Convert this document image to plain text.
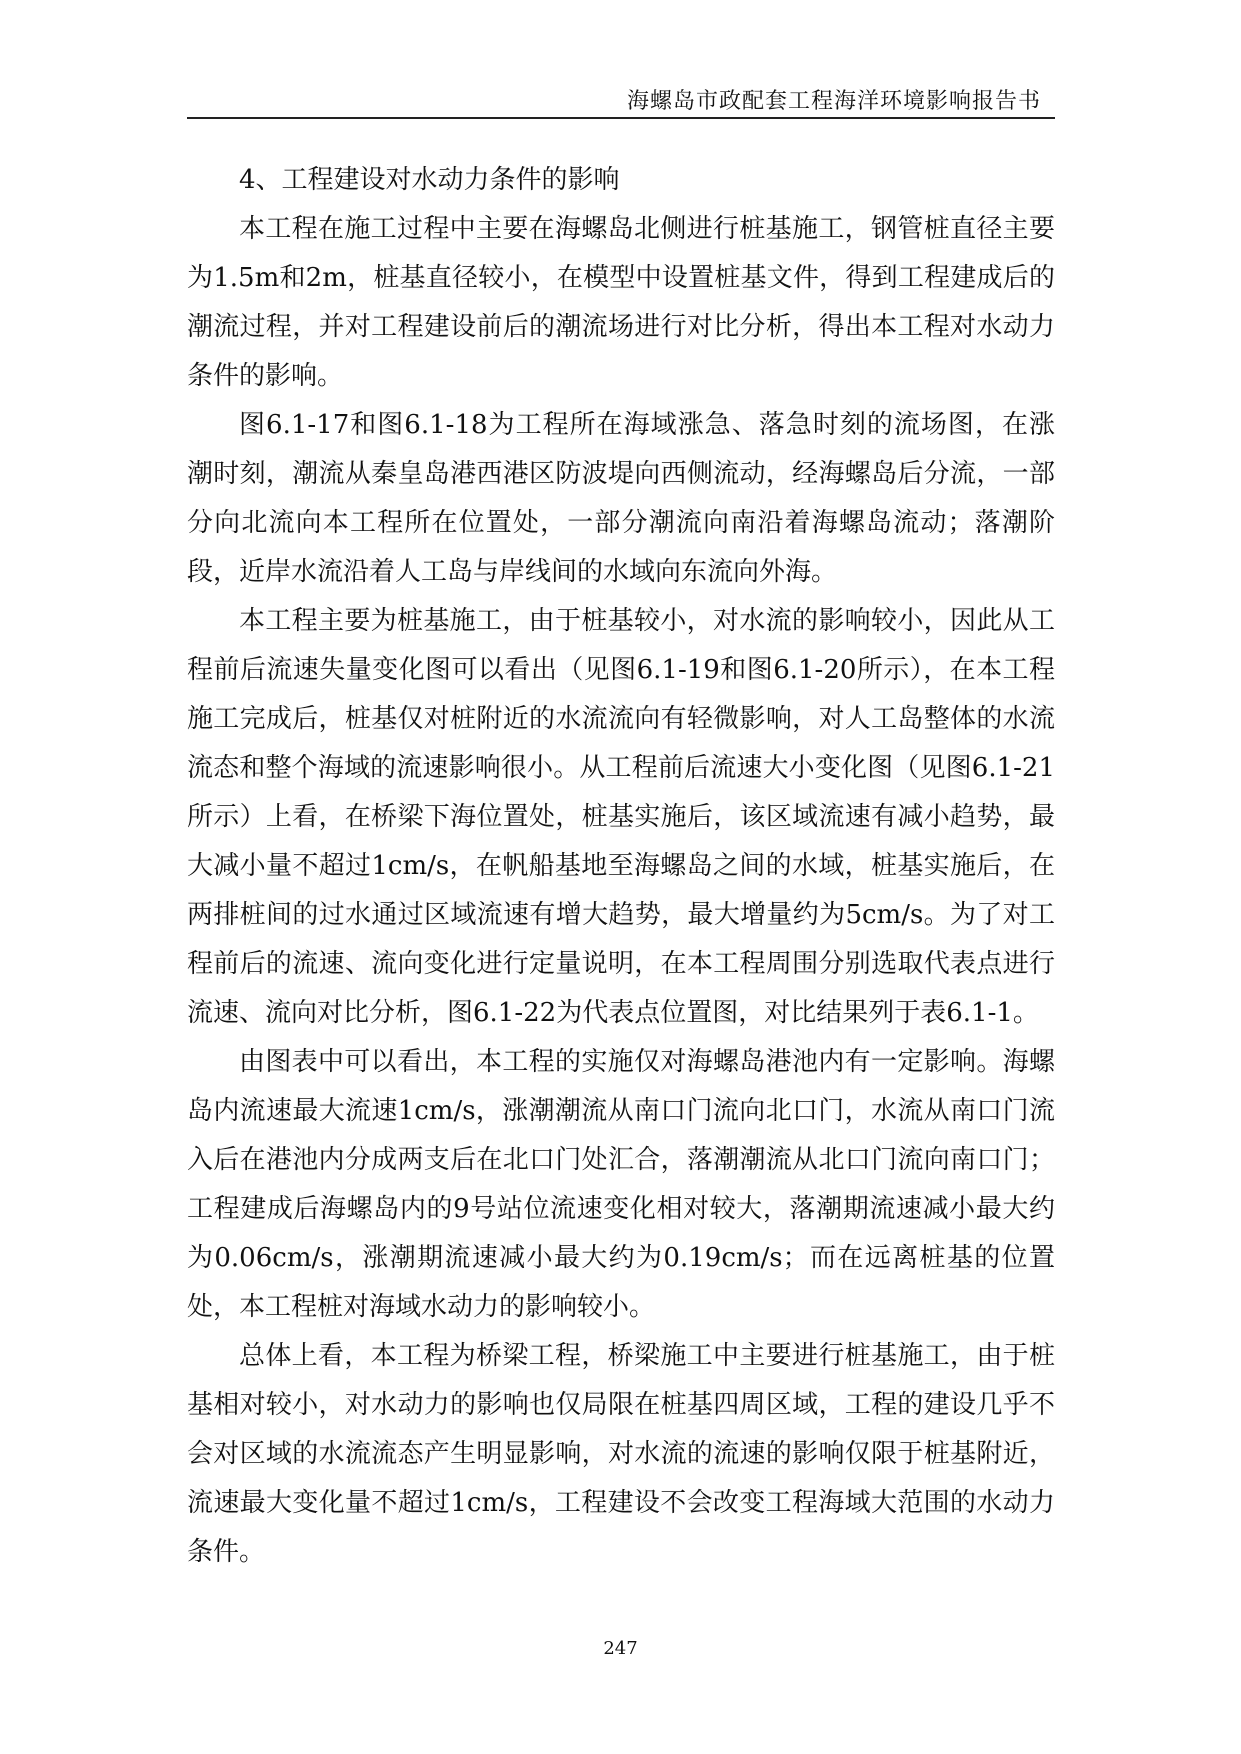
海螺岛市政配套工程海洋环境影响报告书

4、工程建设对水动力条件的影响

本工程在施工过程中主要在海螺岛北侧进行桩基施工，钢管桩直径主要为1.5m和2m，桩基直径较小，在模型中设置桩基文件，得到工程建成后的潮流过程，并对工程建设前后的潮流场进行对比分析，得出本工程对水动力条件的影响。

图6.1-17和图6.1-18为工程所在海域涨急、落急时刻的流场图，在涨潮时刻，潮流从秦皇岛港西港区防波堤向西侧流动，经海螺岛后分流，一部分向北流向本工程所在位置处，一部分潮流向南沿着海螺岛流动；落潮阶段，近岸水流沿着人工岛与岸线间的水域向东流向外海。

本工程主要为桩基施工，由于桩基较小，对水流的影响较小，因此从工程前后流速失量变化图可以看出（见图6.1-19和图6.1-20所示），在本工程施工完成后，桩基仅对桩附近的水流流向有轻微影响，对人工岛整体的水流流态和整个海域的流速影响很小。从工程前后流速大小变化图（见图6.1-21所示）上看，在桥梁下海位置处，桩基实施后，该区域流速有减小趋势，最大减小量不超过1cm/s，在帆船基地至海螺岛之间的水域，桩基实施后，在两排桩间的过水通过区域流速有增大趋势，最大增量约为5cm/s。为了对工程前后的流速、流向变化进行定量说明，在本工程周围分别选取代表点进行流速、流向对比分析，图6.1-22为代表点位置图，对比结果列于表6.1-1。

由图表中可以看出，本工程的实施仅对海螺岛港池内有一定影响。海螺岛内流速最大流速1cm/s，涨潮潮流从南口门流向北口门，水流从南口门流入后在港池内分成两支后在北口门处汇合，落潮潮流从北口门流向南口门；工程建成后海螺岛内的9号站位流速变化相对较大，落潮期流速减小最大约为0.06cm/s，涨潮期流速减小最大约为0.19cm/s；而在远离桩基的位置处，本工程桩对海域水动力的影响较小。

总体上看，本工程为桥梁工程，桥梁施工中主要进行桩基施工，由于桩基相对较小，对水动力的影响也仅局限在桩基四周区域，工程的建设几乎不会对区域的水流流态产生明显影响，对水流的流速的影响仅限于桩基附近，流速最大变化量不超过1cm/s，工程建设不会改变工程海域大范围的水动力条件。

247
